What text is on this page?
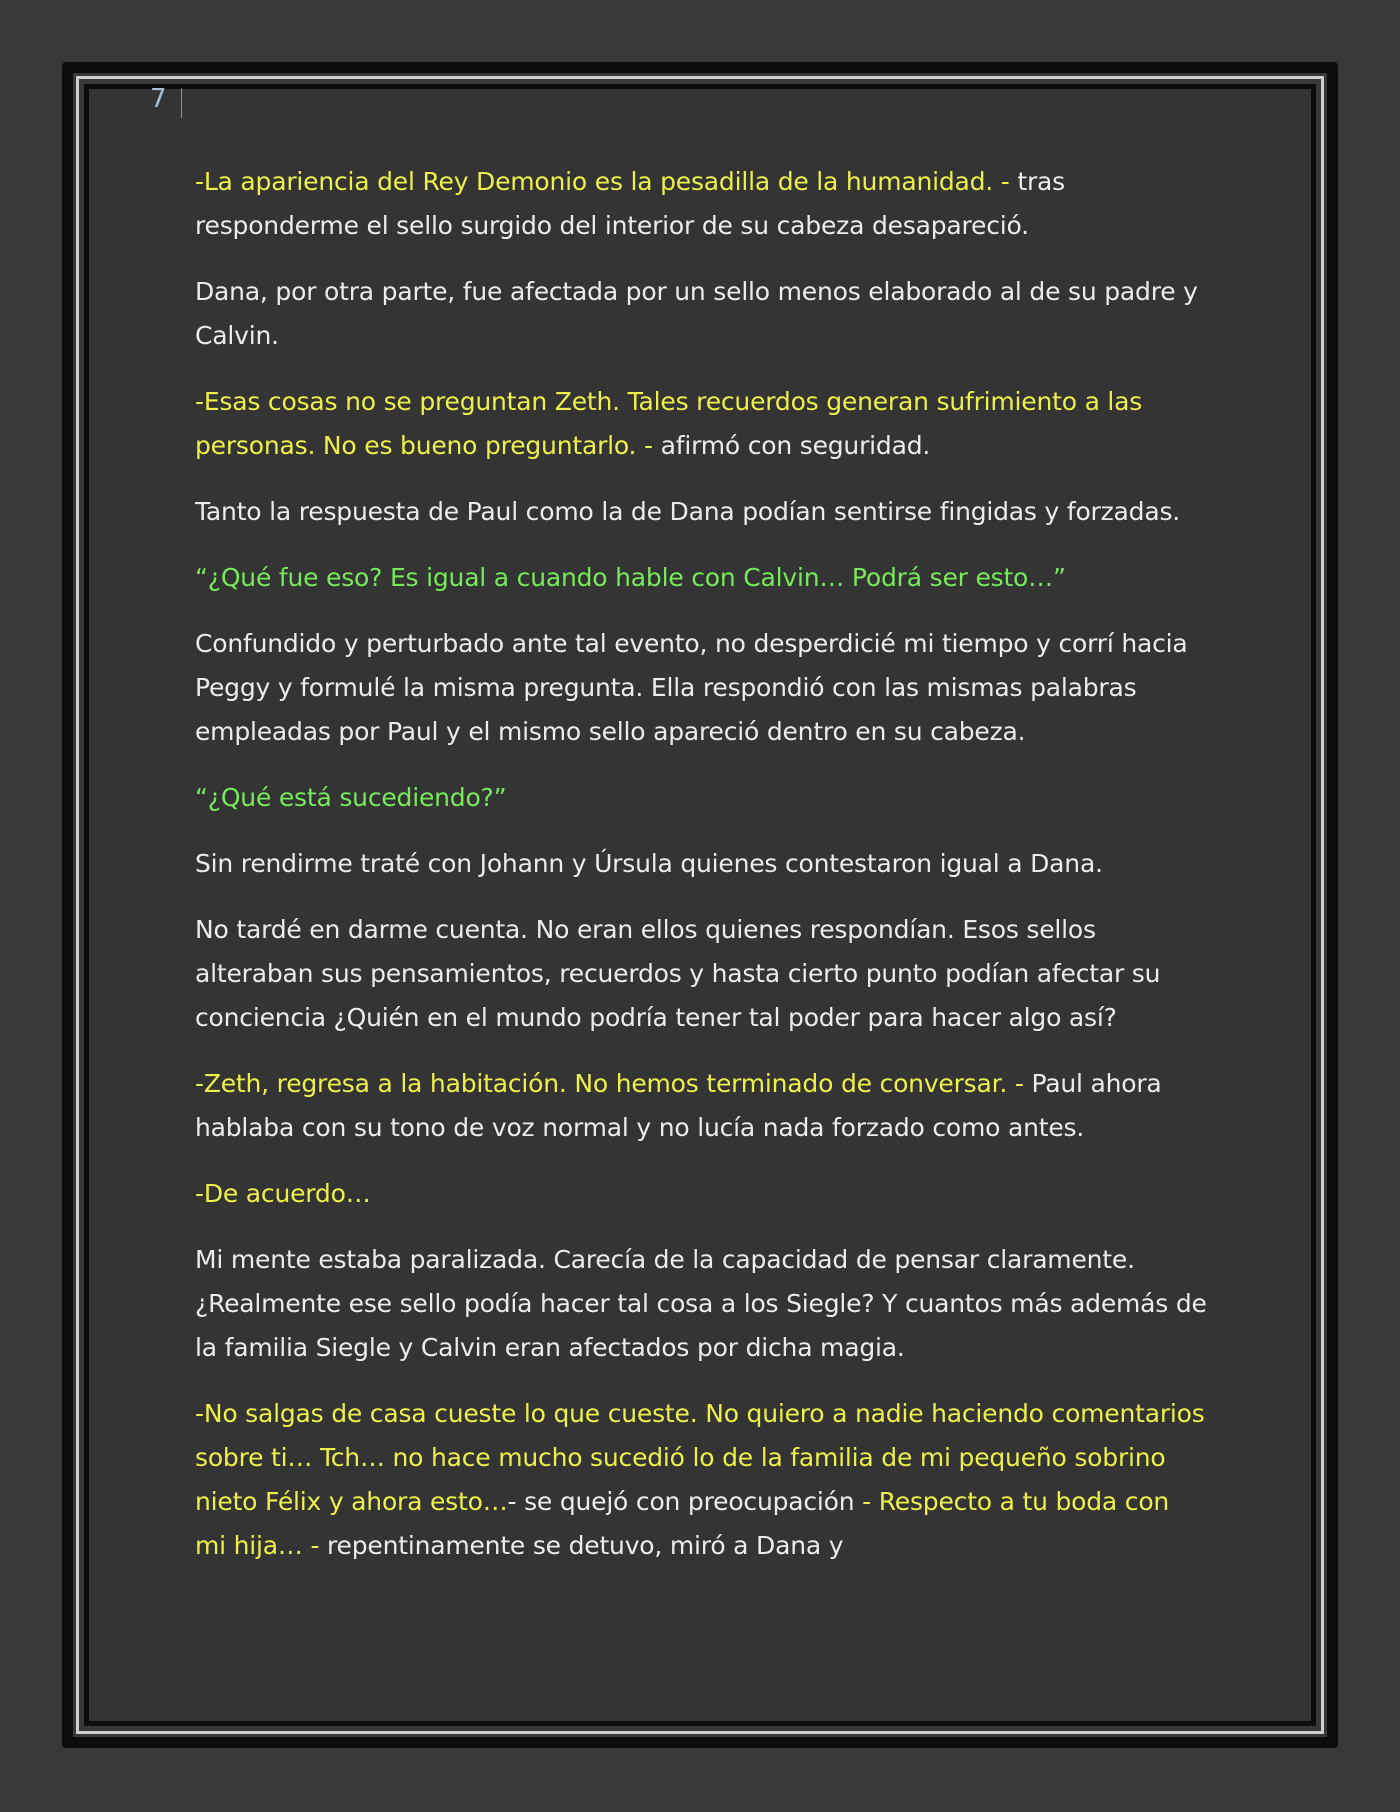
7

-La apariencia del Rey Demonio es la pesadilla de la humanidad. - tras responderme el sello surgido del interior de su cabeza desapareció.

Dana, por otra parte, fue afectada por un sello menos elaborado al de su padre y Calvin.

-Esas cosas no se preguntan Zeth. Tales recuerdos generan sufrimiento a las personas. No es bueno preguntarlo. - afirmó con seguridad.

Tanto la respuesta de Paul como la de Dana podían sentirse fingidas y forzadas.

“¿Qué fue eso? Es igual a cuando hable con Calvin… Podrá ser esto…”

Confundido y perturbado ante tal evento, no desperdicié mi tiempo y corrí hacia Peggy y formulé la misma pregunta. Ella respondió con las mismas palabras empleadas por Paul y el mismo sello apareció dentro en su cabeza.

“¿Qué está sucediendo?”

Sin rendirme traté con Johann y Úrsula quienes contestaron igual a Dana.

No tardé en darme cuenta. No eran ellos quienes respondían. Esos sellos alteraban sus pensamientos, recuerdos y hasta cierto punto podían afectar su conciencia ¿Quién en el mundo podría tener tal poder para hacer algo así?

-Zeth, regresa a la habitación. No hemos terminado de conversar. - Paul ahora hablaba con su tono de voz normal y no lucía nada forzado como antes.

-De acuerdo…

Mi mente estaba paralizada. Carecía de la capacidad de pensar claramente. ¿Realmente ese sello podía hacer tal cosa a los Siegle? Y cuantos más además de la familia Siegle y Calvin eran afectados por dicha magia.

-No salgas de casa cueste lo que cueste. No quiero a nadie haciendo comentarios sobre ti… Tch… no hace mucho sucedió lo de la familia de mi pequeño sobrino nieto Félix y ahora esto…- se quejó con preocupación - Respecto a tu boda con mi hija… - repentinamente se detuvo, miró a Dana y
